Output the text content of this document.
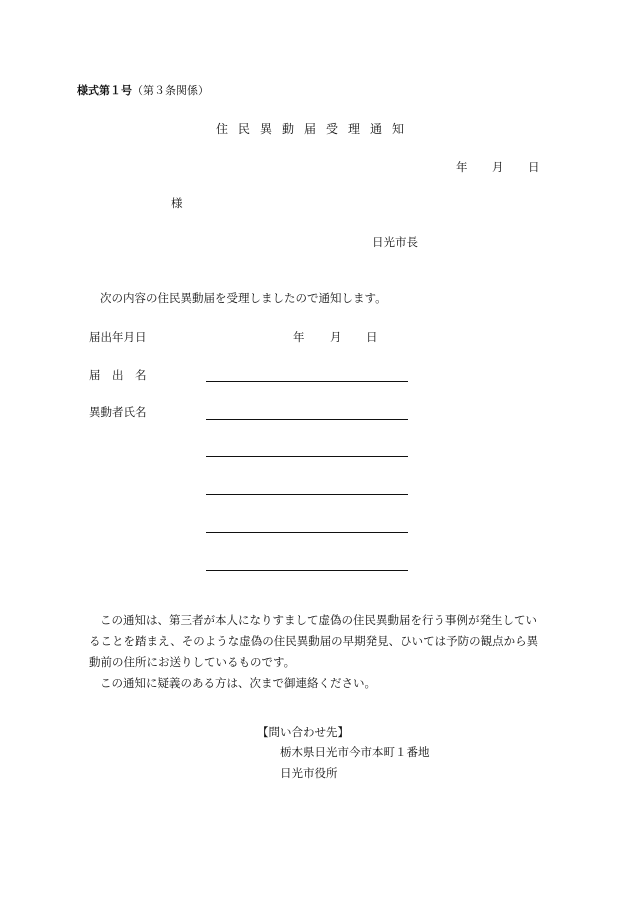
様式第１号（第３条関係）
住民異動届受理通知
年 月 日
様
日光市長
次の内容の住民異動届を受理しましたので通知します。
届出年月日	年 月 日
届　出　名
異動者氏名
この通知は、第三者が本人になりすまして虚偽の住民異動届を行う事例が発生してい
ることを踏まえ、そのような虚偽の住民異動届の早期発見、ひいては予防の観点から異
動前の住所にお送りしているものです。
この通知に疑義のある方は、次まで御連絡ください。
【問い合わせ先】
栃木県日光市今市本町１番地
日光市役所
